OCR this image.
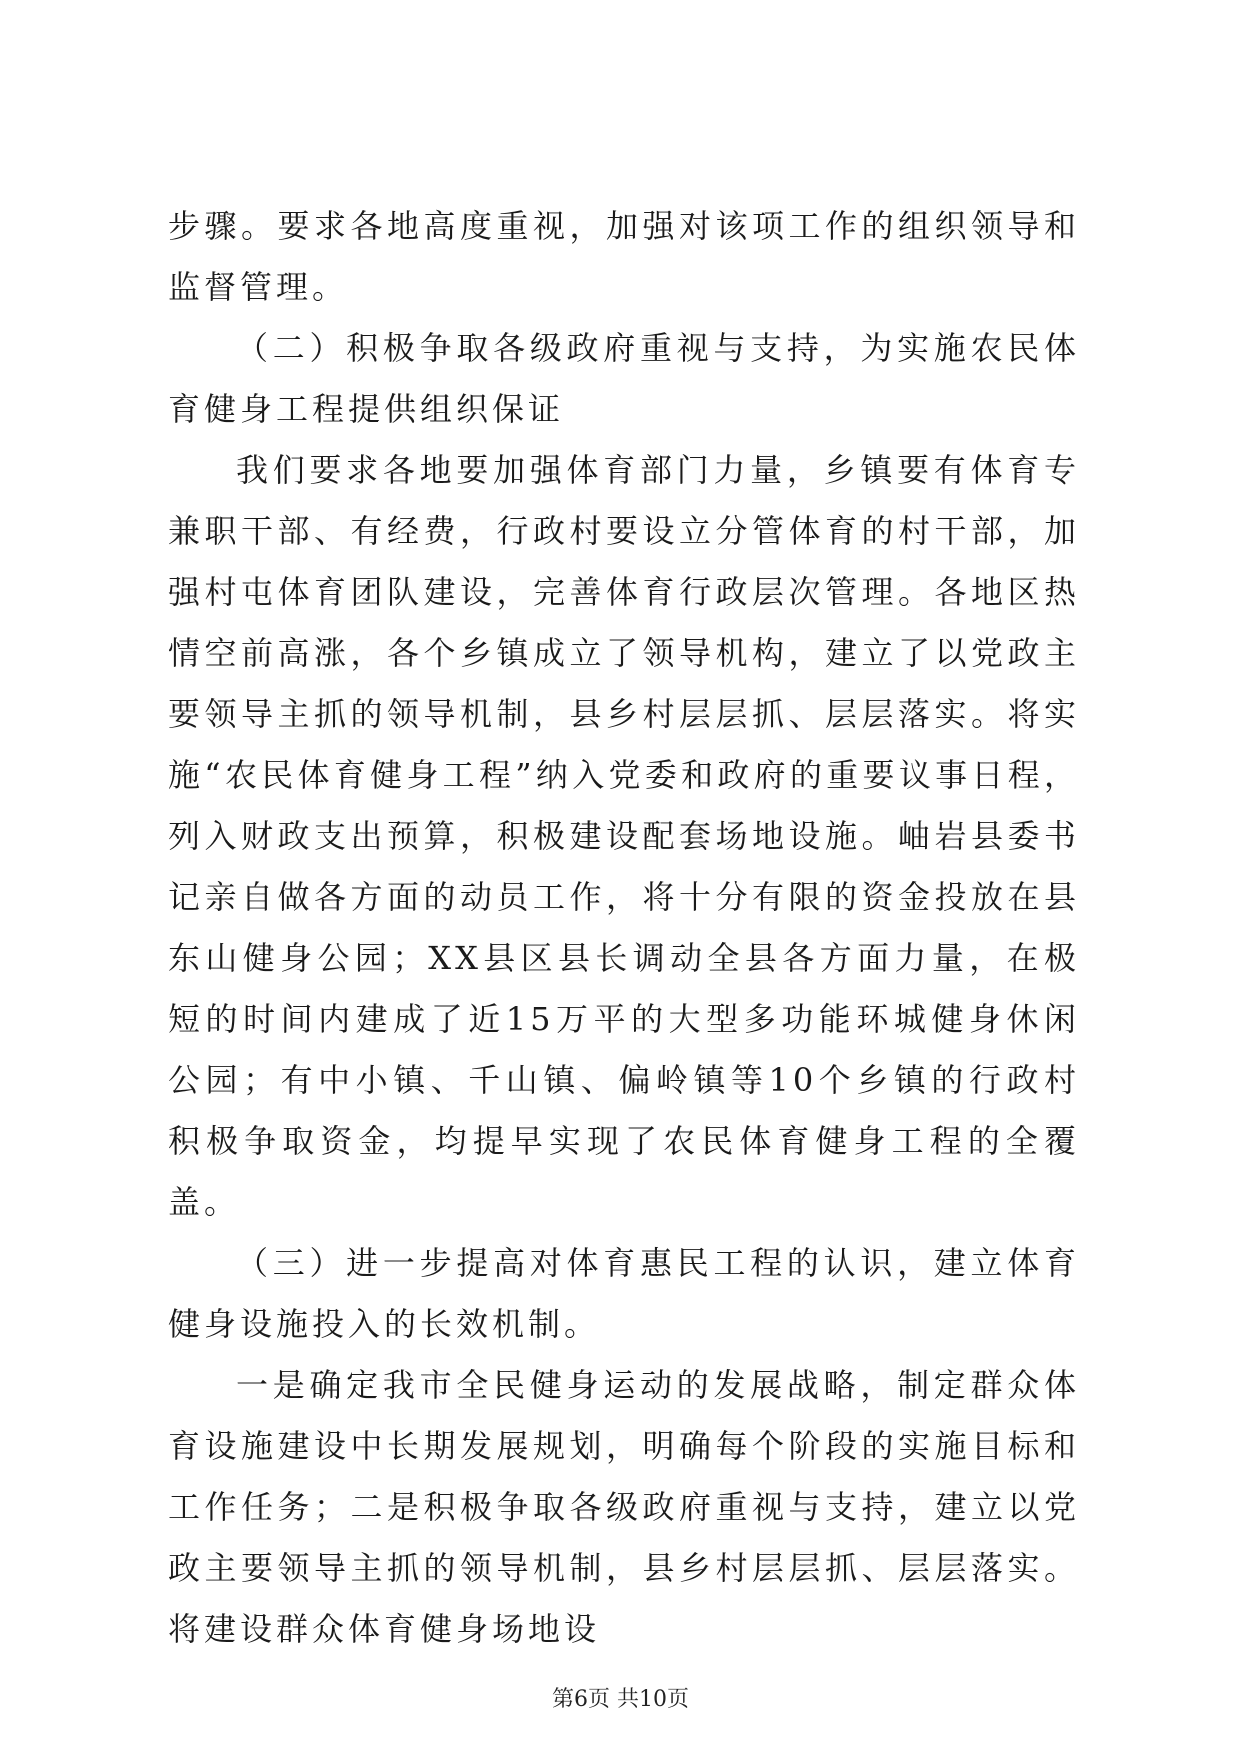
步骤。要求各地高度重视，加强对该项工作的组织领导和监督管理。

（二）积极争取各级政府重视与支持，为实施农民体育健身工程提供组织保证

我们要求各地要加强体育部门力量，乡镇要有体育专兼职干部、有经费，行政村要设立分管体育的村干部，加强村屯体育团队建设，完善体育行政层次管理。各地区热情空前高涨，各个乡镇成立了领导机构，建立了以党政主要领导主抓的领导机制，县乡村层层抓、层层落实。将实施“农民体育健身工程”纳入党委和政府的重要议事日程，列入财政支出预算，积极建设配套场地设施。岫岩县委书记亲自做各方面的动员工作，将十分有限的资金投放在县东山健身公园；XX县区县长调动全县各方面力量，在极短的时间内建成了近15万平的大型多功能环城健身休闲公园；有中小镇、千山镇、偏岭镇等10个乡镇的行政村积极争取资金，均提早实现了农民体育健身工程的全覆盖。

（三）进一步提高对体育惠民工程的认识，建立体育健身设施投入的长效机制。

一是确定我市全民健身运动的发展战略，制定群众体育设施建设中长期发展规划，明确每个阶段的实施目标和工作任务；二是积极争取各级政府重视与支持，建立以党政主要领导主抓的领导机制，县乡村层层抓、层层落实。将建设群众体育健身场地设

第6页 共10页
